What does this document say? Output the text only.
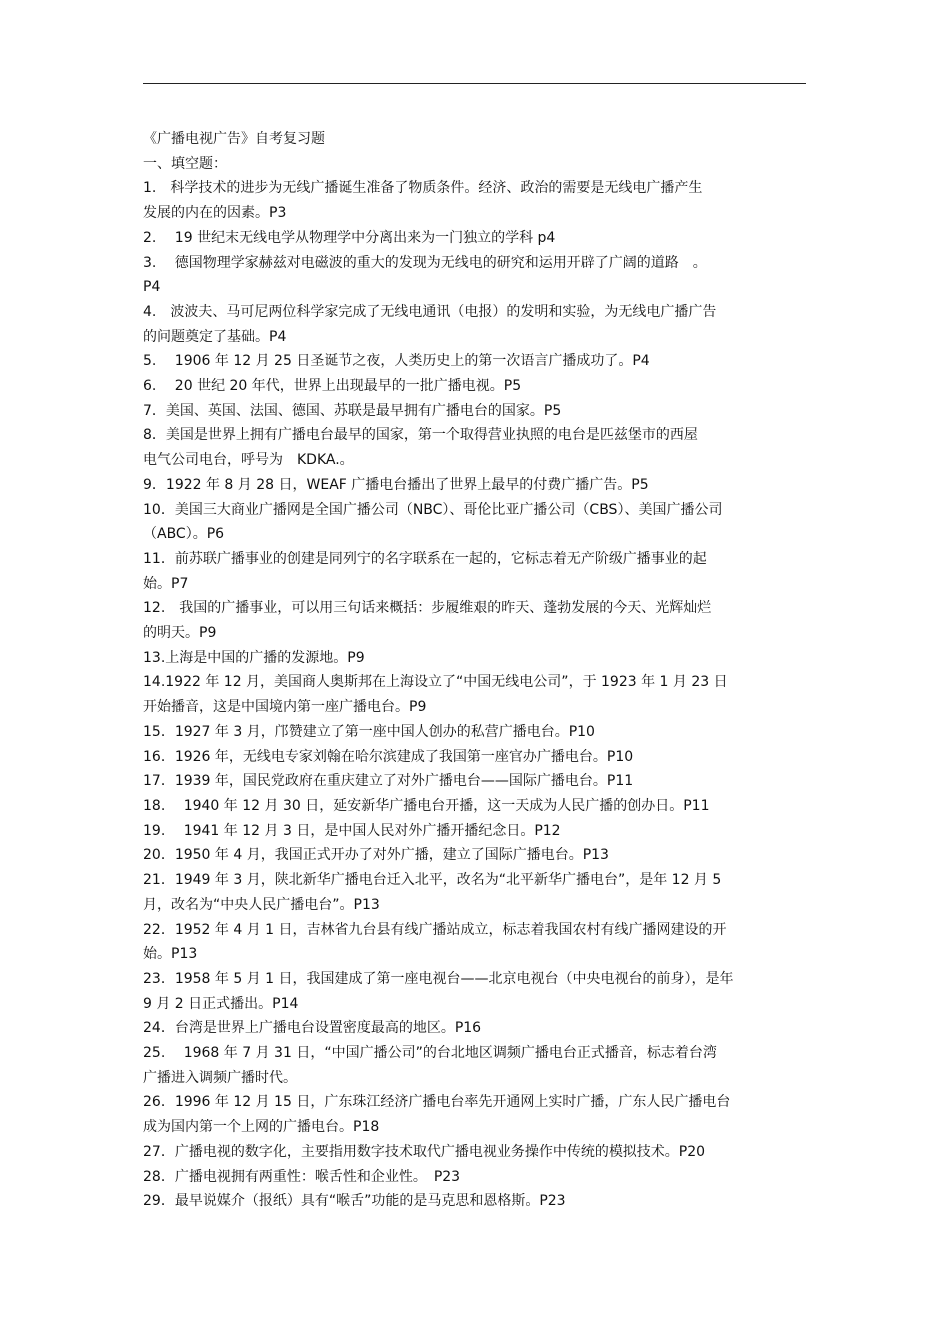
《广播电视广告》自考复习题
一、填空题：
1.　科学技术的进步为无线广播诞生准备了物质条件。经济、政治的需要是无线电广播产生
发展的内在的因素。P3
2.　 19 世纪末无线电学从物理学中分离出来为一门独立的学科 p4
3.　 德国物理学家赫兹对电磁波的重大的发现为无线电的研究和运用开辟了广阔的道路　。
P4
4.　波波夫、马可尼两位科学家完成了无线电通讯（电报）的发明和实验，为无线电广播广告
的问题奠定了基础。P4
5.　 1906 年 12 月 25 日圣诞节之夜，人类历史上的第一次语言广播成功了。P4
6.　 20 世纪 20 年代，世界上出现最早的一批广播电视。P5
7．美国、英国、法国、德国、苏联是最早拥有广播电台的国家。P5
8．美国是世界上拥有广播电台最早的国家，第一个取得营业执照的电台是匹兹堡市的西屋
电气公司电台，呼号为　KDKA.。
9．1922 年 8 月 28 日，WEAF 广播电台播出了世界上最早的付费广播广告。P5
10．美国三大商业广播网是全国广播公司（NBC）、哥伦比亚广播公司（CBS）、美国广播公司
（ABC）。P6
11．前苏联广播事业的创建是同列宁的名字联系在一起的，它标志着无产阶级广播事业的起
始。P7
12.　我国的广播事业，可以用三句话来概括：步履维艰的昨天、蓬勃发展的今天、光辉灿烂
的明天。P9
13.上海是中国的广播的发源地。P9
14.1922 年 12 月，美国商人奥斯邦在上海设立了“中国无线电公司”，于 1923 年 1 月 23 日
开始播音，这是中国境内第一座广播电台。P9
15．1927 年 3 月，邝赞建立了第一座中国人创办的私营广播电台。P10
16．1926 年，无线电专家刘翰在哈尔滨建成了我国第一座官办广播电台。P10
17．1939 年，国民党政府在重庆建立了对外广播电台——国际广播电台。P11
18.　 1940 年 12 月 30 日，延安新华广播电台开播，这一天成为人民广播的创办日。P11
19.　 1941 年 12 月 3 日，是中国人民对外广播开播纪念日。P12
20．1950 年 4 月，我国正式开办了对外广播，建立了国际广播电台。P13
21．1949 年 3 月，陕北新华广播电台迁入北平，改名为“北平新华广播电台”，是年 12 月 5
月，改名为“中央人民广播电台”。P13
22．1952 年 4 月 1 日，吉林省九台县有线广播站成立，标志着我国农村有线广播网建设的开
始。P13
23．1958 年 5 月 1 日，我国建成了第一座电视台——北京电视台（中央电视台的前身），是年
9 月 2 日正式播出。P14
24．台湾是世界上广播电台设置密度最高的地区。P16
25.　 1968 年 7 月 31 日，“中国广播公司”的台北地区调频广播电台正式播音，标志着台湾
广播进入调频广播时代。
26．1996 年 12 月 15 日，广东珠江经济广播电台率先开通网上实时广播，广东人民广播电台
成为国内第一个上网的广播电台。P18
27．广播电视的数字化，主要指用数字技术取代广播电视业务操作中传统的模拟技术。P20
28．广播电视拥有两重性：喉舌性和企业性。　P23
29．最早说媒介（报纸）具有“喉舌”功能的是马克思和恩格斯。P23
